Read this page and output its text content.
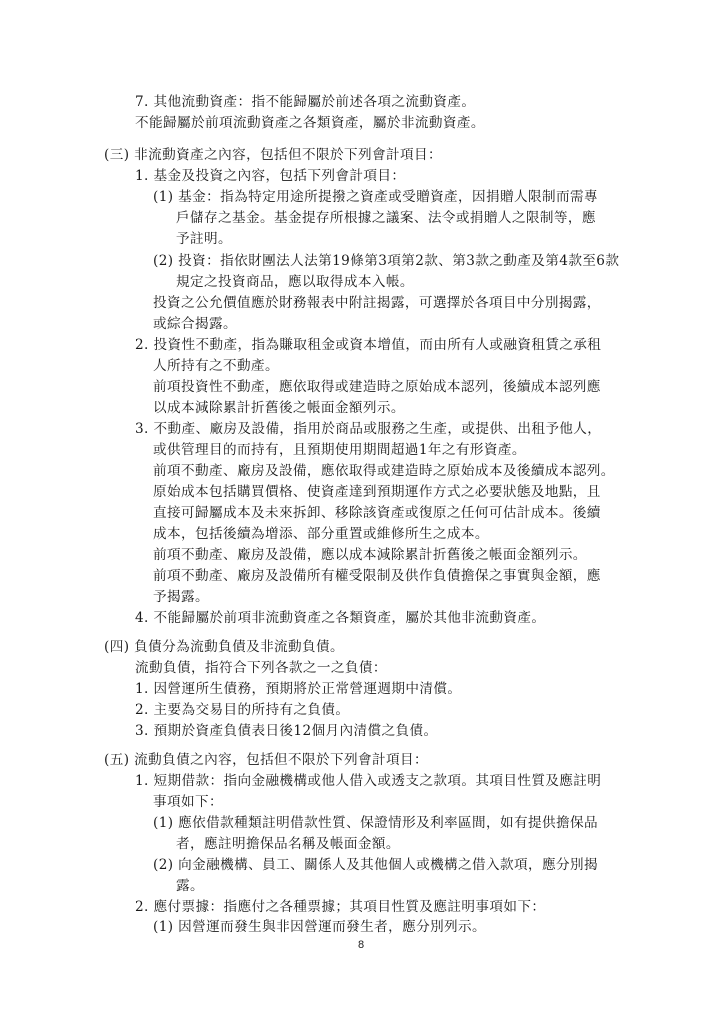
7. 其他流動資產：指不能歸屬於前述各項之流動資產。
不能歸屬於前項流動資產之各類資產，屬於非流動資產。
(三) 非流動資產之內容，包括但不限於下列會計項目：
1. 基金及投資之內容，包括下列會計項目：
(1) 基金：指為特定用途所提撥之資產或受贈資產，因捐贈人限制而需專
戶儲存之基金。基金提存所根據之議案、法令或捐贈人之限制等，應
予註明。
(2) 投資：指依財團法人法第19條第3項第2款、第3款之動產及第4款至6款
規定之投資商品，應以取得成本入帳。
投資之公允價值應於財務報表中附註揭露，可選擇於各項目中分別揭露，
或綜合揭露。
2. 投資性不動產，指為賺取租金或資本增值，而由所有人或融資租賃之承租
人所持有之不動產。
前項投資性不動產，應依取得或建造時之原始成本認列，後續成本認列應
以成本減除累計折舊後之帳面金額列示。
3. 不動產、廠房及設備，指用於商品或服務之生產，或提供、出租予他人，
或供管理目的而持有，且預期使用期間超過1年之有形資產。
前項不動產、廠房及設備，應依取得或建造時之原始成本及後續成本認列。
原始成本包括購買價格、使資產達到預期運作方式之必要狀態及地點，且
直接可歸屬成本及未來拆卸、移除該資產或復原之任何可估計成本。後續
成本，包括後續為增添、部分重置或維修所生之成本。
前項不動產、廠房及設備，應以成本減除累計折舊後之帳面金額列示。
前項不動產、廠房及設備所有權受限制及供作負債擔保之事實與金額，應
予揭露。
4. 不能歸屬於前項非流動資產之各類資產，屬於其他非流動資產。
(四) 負債分為流動負債及非流動負債。
流動負債，指符合下列各款之一之負債：
1. 因營運所生債務，預期將於正常營運週期中清償。
2. 主要為交易目的所持有之負債。
3. 預期於資產負債表日後12個月內清償之負債。
(五) 流動負債之內容，包括但不限於下列會計項目：
1. 短期借款：指向金融機構或他人借入或透支之款項。其項目性質及應註明
事項如下：
(1) 應依借款種類註明借款性質、保證情形及利率區間，如有提供擔保品
者，應註明擔保品名稱及帳面金額。
(2) 向金融機構、員工、關係人及其他個人或機構之借入款項，應分別揭
露。
2. 應付票據：指應付之各種票據；其項目性質及應註明事項如下：
(1) 因營運而發生與非因營運而發生者，應分別列示。
8
